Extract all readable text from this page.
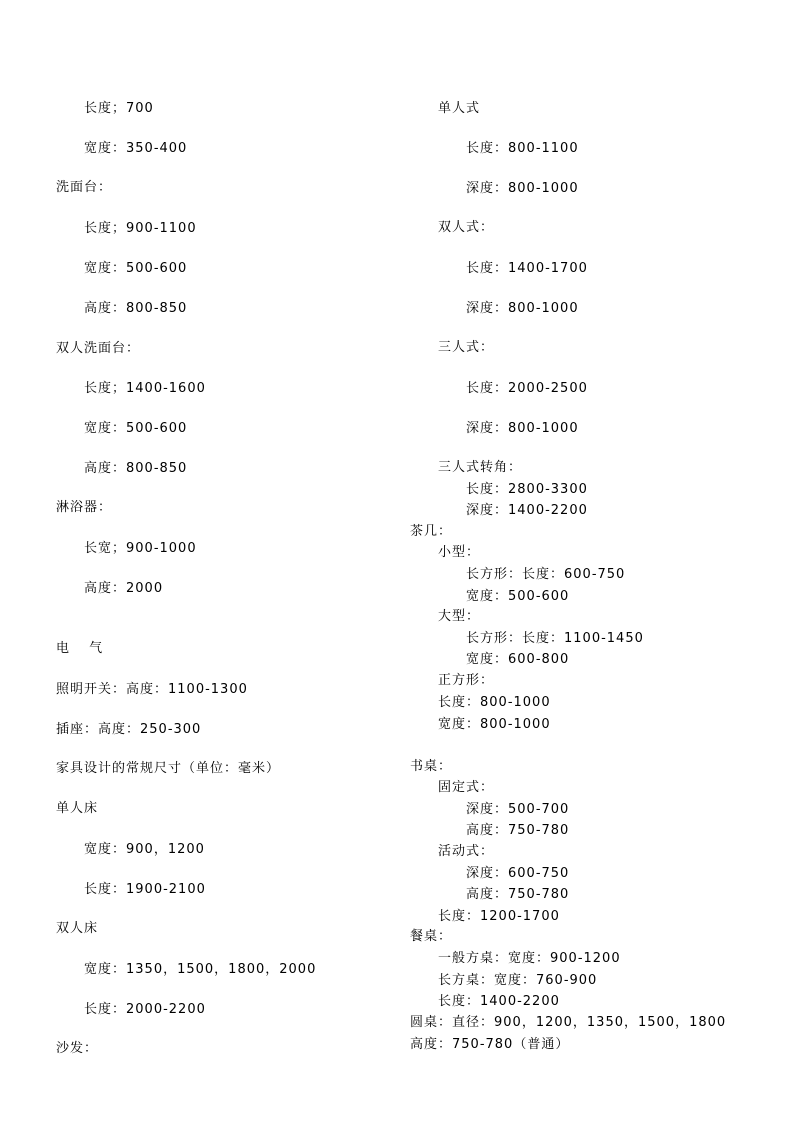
长度；700
宽度：350-400
洗面台：
长度；900-1100
宽度：500-600
高度：800-850
双人洗面台：
长度；1400-1600
宽度：500-600
高度：800-850
淋浴器：
长宽；900-1000
高度：2000
电　 气
照明开关：高度：1100-1300
插座：高度：250-300
家具设计的常规尺寸（单位：毫米）
单人床
宽度：900，1200
长度：1900-2100
双人床
宽度：1350，1500，1800，2000
长度：2000-2200
沙发：
单人式
长度：800-1100
深度：800-1000
双人式：
长度：1400-1700
深度：800-1000
三人式：
长度：2000-2500
深度：800-1000
三人式转角：
长度：2800-3300
深度：1400-2200
茶几：
小型：
长方形：长度：600-750
宽度：500-600
大型：
长方形：长度：1100-1450
宽度：600-800
正方形：
长度：800-1000
宽度：800-1000
书桌：
固定式：
深度：500-700
高度：750-780
活动式：
深度：600-750
高度：750-780
长度：1200-1700
餐桌：
一般方桌：宽度：900-1200
长方桌：宽度：760-900
长度：1400-2200
圆桌：直径：900，1200，1350，1500，1800
高度：750-780（普通）
